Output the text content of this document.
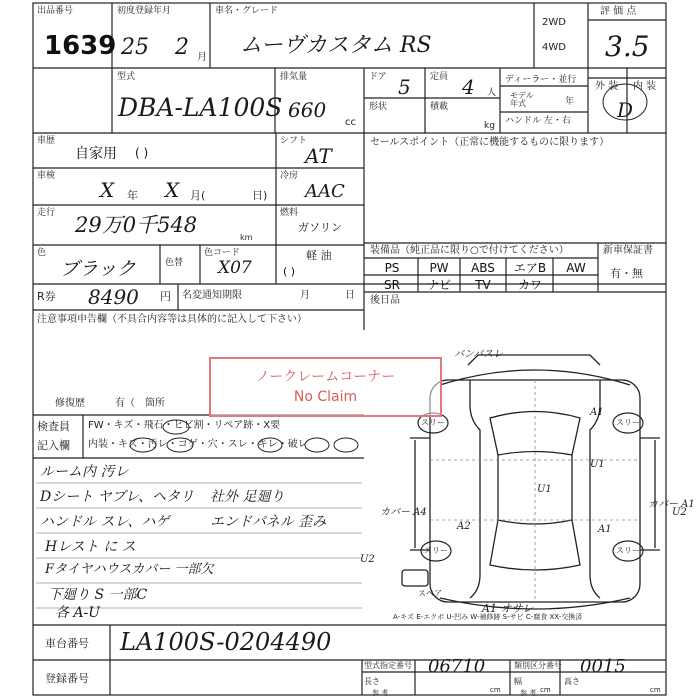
出品番号
1639
初度登録年月
25 2 月
車名・グレード
ムーヴカスタム RS
2WD
4WD
評 価 点
3.5
外 装 内 装
D
型式
DBA-LA100S
排気量
660
cc
ドア 5 定員 4 人
形状	積載
kg
ディーラー・並行
モデル年式	年
ハンドル 左・右
車歴
自家用 ( )
シフト
AT
セールスポイント（正常に機能するものに限ります）
車検
X 年 X 月(	日)
冷房
AAC
走行 29万0千548
km
燃料
ガソリン
軽 油
色
ブラック	色替
色コード
X07	( )
装備品（純正品に限り○で付けてください）
PS	PW	ABS	エアB	AW
SR	ナビ	TV	カワ
新車保証書
有・無
R券 8490 円 名変通知期限	月	日 後日品
注意事項申告欄（不具合内容等は具体的に記入して下さい）
修復歴	有（ 箇所
ノークレームコーナー
No Claim
検査員
記入欄
FW・キズ・飛石・ヒビ割・リペア跡・X要
内装・キズ・汚レ・コゲ・穴・スレ・キレ・破レ
ルーム内 汚レ
Dシート ヤブレ、ヘタリ
ハンドル スレ、ハゲ
Hレスト に ス
Fタイヤハウスカバー 一部欠
下廻り S 一部C
各 A-U
社外 足廻り
エンドパネル 歪み
スペア
A1 オサレ
A1
U1
U1
A2	A1
U2
U2
スリー	スリー
スリー	スリー
カバー A4
カバー A1
バンパスレ
A-キズ E-エクボ U-凹み W-補修跡 S-サビ C-腐食 XX-交換済
車台番号 LA100S-0204490
登録番号
型式指定番号
参 考
06710	類別区分番号
参 考
0015
長さ
cm
幅
cm
高さ
cm
